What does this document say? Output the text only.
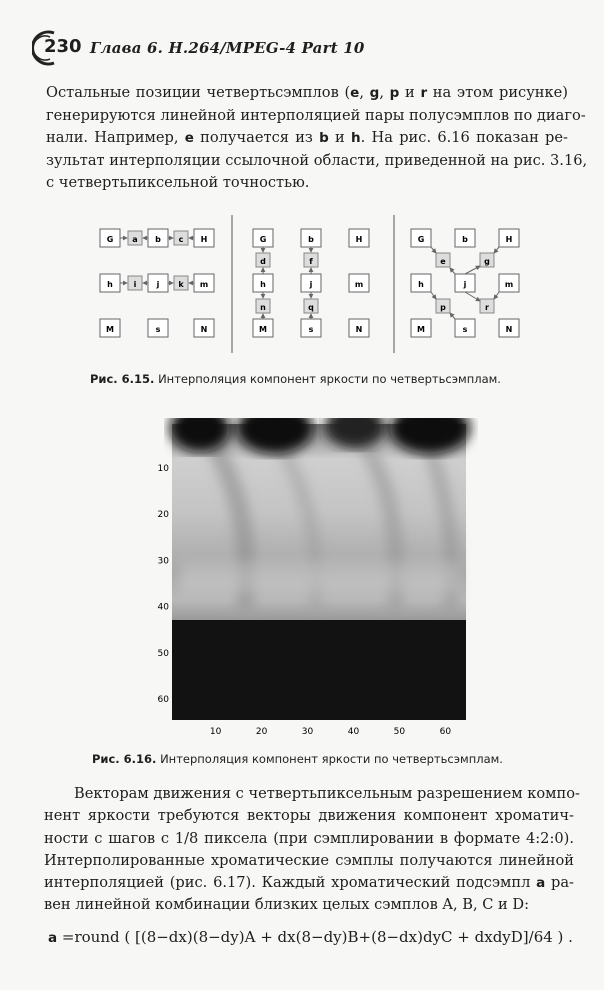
230 Глава 6. H.264/MPEG-4 Part 10
Остальные позиции четвертьсэмплов (e, g, p и r на этом рисунке)
генерируются линейной интерполяцией пары полусэмплов по диаго-
нали. Например, e получается из b и h. На рис. 6.16 показан ре-
зультат интерполяции ссылочной области, приведенной на рис. 3.16,
с четвертьпиксельной точностью.
G a b c H
h	i	j k m
M	s	N
G	b	H
d	f
h	j	m
n	q
M	s	N
G	b	H
e	g
h	j	m
p	r
M	s	N
Рис. 6.15. Интерполяция компонент яркости по четвертьсэмплам.
10	20	30	40	50	60
10
20
30
40
50
60
Рис. 6.16. Интерполяция компонент яркости по четвертьсэмплам.
Векторам движения с четвертьпиксельным разрешением компо-
нент яркости требуются векторы движения компонент хроматич-
ности с шагов с 1/8 пиксела (при сэмплировании в формате 4:2:0).
Интерполированные хроматические сэмплы получаются линейной
интерполяцией (рис. 6.17). Каждый хроматический подсэмпл a ра-
вен линейной комбинации близких целых сэмплов A, B, C и D:
a =round ( [(8−dx)(8−dy)A + dx(8−dy)B+(8−dx)dyC + dxdyD]/64 ) .
